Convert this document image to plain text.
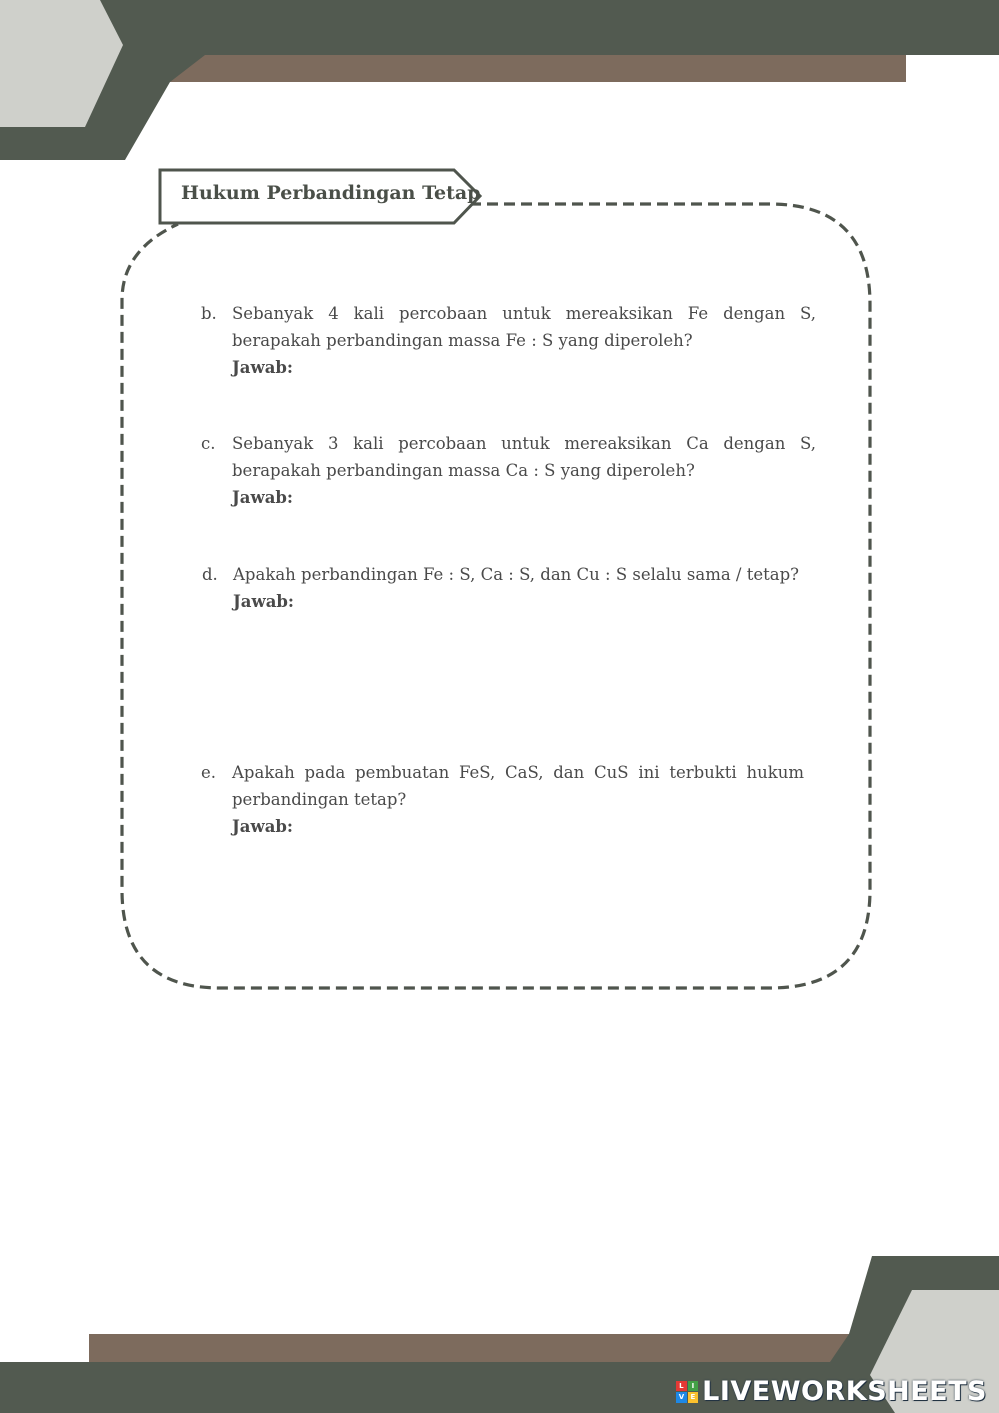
Hukum Perbandingan Tetap
b. Sebanyak 4 kali percobaan untuk mereaksikan Fe dengan S, berapakah perbandingan massa Fe : S yang diperoleh?
Jawab:
c.	Sebanyak 3 kali percobaan untuk mereaksikan Ca dengan S, berapakah perbandingan massa Ca : S yang diperoleh?
Jawab:
d. Apakah perbandingan Fe : S, Ca : S, dan Cu : S selalu sama / tetap?
Jawab:
e. Apakah pada pembuatan FeS, CaS, dan CuS ini terbukti hukum perbandingan tetap?
Jawab:
L	I
V E LIVEWORKSHEETS
